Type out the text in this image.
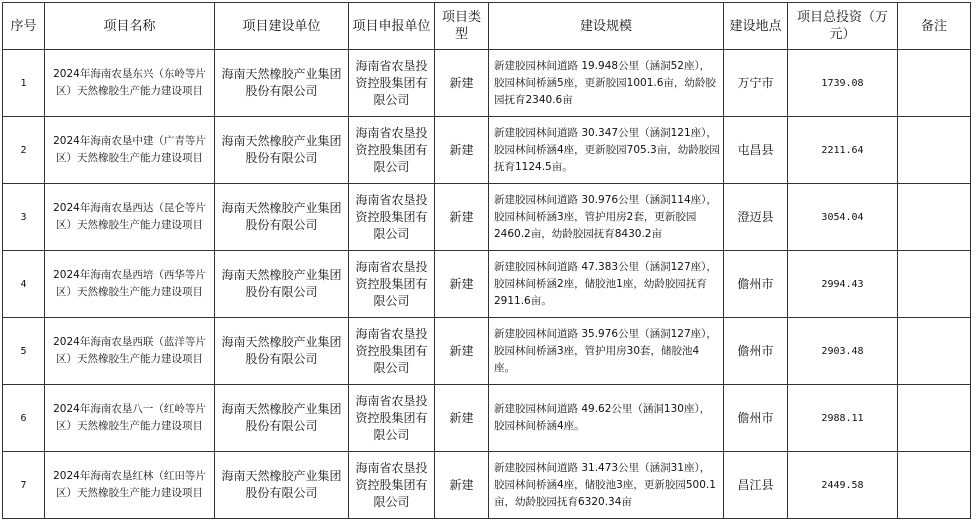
序号	项目名称	项目建设单位	项目申报单位	项目类型	建设规模	建设地点	项目总投资（万元）	备注
1	2024年海南农垦东兴（东岭等片区）天然橡胶生产能力建设项目	海南天然橡胶产业集团股份有限公司	海南省农垦投资控股集团有限公司	新建	新建胶园林间道路 19.948公里（涵洞52座），胶园林间桥涵5座，更新胶园1001.6亩，幼龄胶园抚育2340.6亩	万宁市	1739.08	
2	2024年海南农垦中建（广青等片区）天然橡胶生产能力建设项目	海南天然橡胶产业集团股份有限公司	海南省农垦投资控股集团有限公司	新建	新建胶园林间道路 30.347公里（涵洞121座），胶园林间桥涵4座，更新胶园705.3亩，幼龄胶园抚育1124.5亩。	屯昌县	2211.64	
3	2024年海南农垦西达（昆仑等片区）天然橡胶生产能力建设项目	海南天然橡胶产业集团股份有限公司	海南省农垦投资控股集团有限公司	新建	新建胶园林间道路 30.976公里（涵洞114座），胶园林间桥涵3座，管护用房2套，更新胶园2460.2亩，幼龄胶园抚育8430.2亩	澄迈县	3054.04	
4	2024年海南农垦西培（西华等片区）天然橡胶生产能力建设项目	海南天然橡胶产业集团股份有限公司	海南省农垦投资控股集团有限公司	新建	新建胶园林间道路 47.383公里（涵洞127座），胶园林间桥涵2座，储胶池1座，幼龄胶园抚育2911.6亩。	儋州市	2994.43	
5	2024年海南农垦西联（蓝洋等片区）天然橡胶生产能力建设项目	海南天然橡胶产业集团股份有限公司	海南省农垦投资控股集团有限公司	新建	新建胶园林间道路 35.976公里（涵洞127座），胶园林间桥涵3座，管护用房30套，储胶池4座。	儋州市	2903.48	
6	2024年海南农垦八一（红岭等片区）天然橡胶生产能力建设项目	海南天然橡胶产业集团股份有限公司	海南省农垦投资控股集团有限公司	新建	新建胶园林间道路 49.62公里（涵洞130座），胶园林间桥涵4座。	儋州市	2988.11	
7	2024年海南农垦红林（红田等片区）天然橡胶生产能力建设项目	海南天然橡胶产业集团股份有限公司	海南省农垦投资控股集团有限公司	新建	新建胶园林间道路 31.473公里（涵洞31座），胶园林间桥涵4座，储胶池3座，更新胶园500.1亩，幼龄胶园抚育6320.34亩	昌江县	2449.58	
